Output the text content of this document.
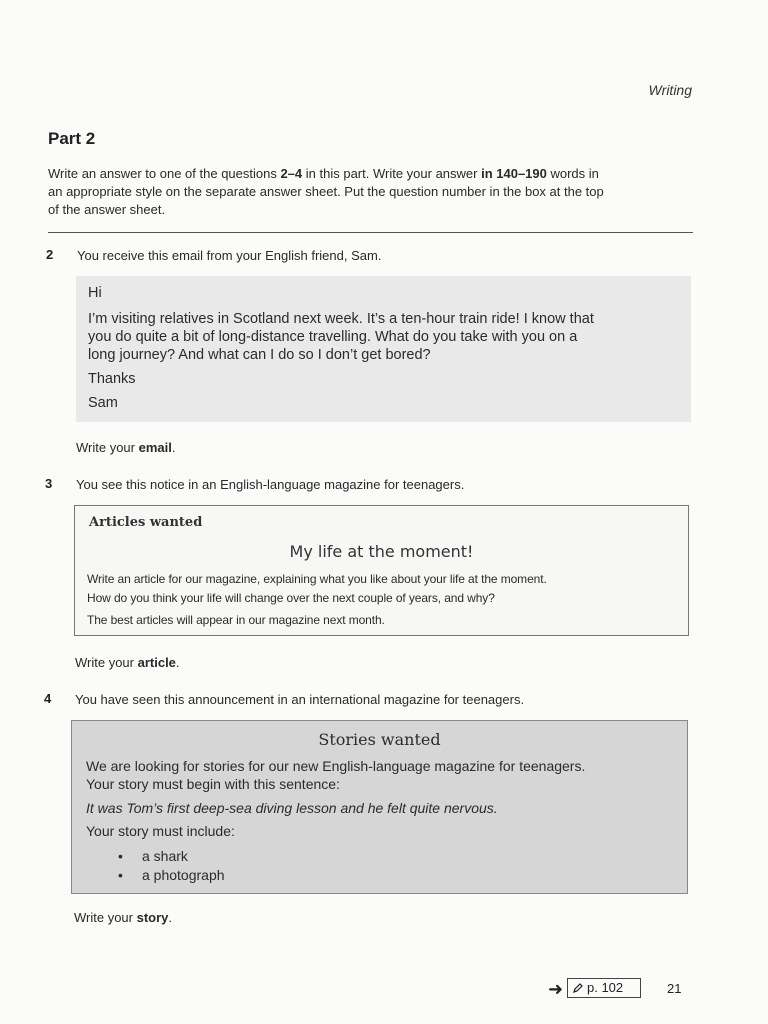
Writing
Part 2
Write an answer to one of the questions 2–4 in this part. Write your answer in 140–190 words in
an appropriate style on the separate answer sheet. Put the question number in the box at the top
of the answer sheet.
2 You receive this email from your English friend, Sam.
Hi
I’m visiting relatives in Scotland next week. It’s a ten-hour train ride! I know that
you do quite a bit of long-distance travelling. What do you take with you on a
long journey? And what can I do so I don’t get bored?
Thanks
Sam
Write your email.
3 You see this notice in an English-language magazine for teenagers.
Articles wanted
My life at the moment!
Write an article for our magazine, explaining what you like about your life at the moment.
How do you think your life will change over the next couple of years, and why?
The best articles will appear in our magazine next month.
Write your article.
4 You have seen this announcement in an international magazine for teenagers.
Stories wanted
We are looking for stories for our new English-language magazine for teenagers.
Your story must begin with this sentence:
It was Tom’s first deep-sea diving lesson and he felt quite nervous.
Your story must include:
• a shark
• a photograph
Write your story.
➜ p. 102	21
